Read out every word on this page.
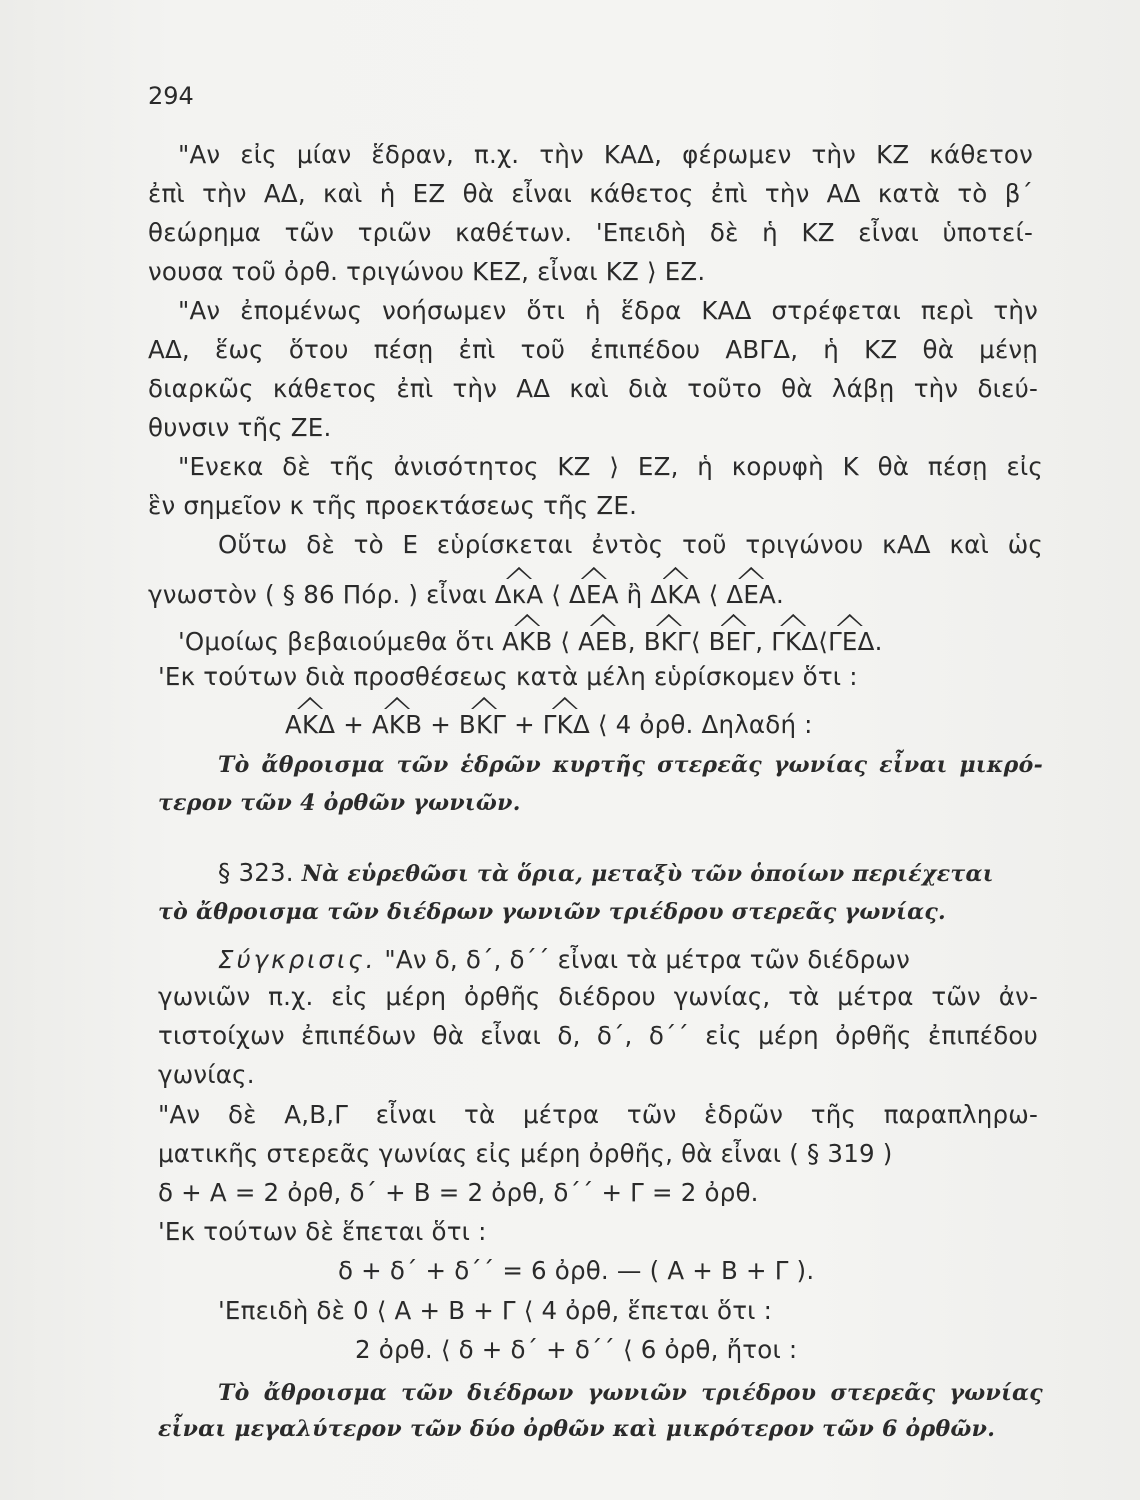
294
"Αν εἰς μίαν ἕδραν, π.χ. τὴν ΚΑΔ, φέρωμεν τὴν ΚΖ κάθετον
ἐπὶ τὴν ΑΔ, καὶ ἡ ΕΖ θὰ εἶναι κάθετος ἐπὶ τὴν ΑΔ κατὰ τὸ β΄
θεώρημα τῶν τριῶν καθέτων. 'Επειδὴ δὲ ἡ ΚΖ εἶναι ὑποτεί-
νουσα τοῦ ὀρθ. τριγώνου ΚΕΖ, εἶναι ΚΖ ⟩ ΕΖ.
"Αν ἐπομένως νοήσωμεν ὅτι ἡ ἕδρα ΚΑΔ στρέφεται περὶ τὴν
ΑΔ, ἕως ὅτου πέσῃ ἐπὶ τοῦ ἐπιπέδου ΑΒΓΔ, ἡ ΚΖ θὰ μένῃ
διαρκῶς κάθετος ἐπὶ τὴν ΑΔ καὶ διὰ τοῦτο θὰ λάβῃ τὴν διεύ-
θυνσιν τῆς ΖΕ.
"Ενεκα δὲ τῆς ἀνισότητος ΚΖ ⟩ ΕΖ, ἡ κορυφὴ Κ θὰ πέσῃ εἰς
ἓν σημεῖον κ τῆς προεκτάσεως τῆς ΖΕ.
Οὕτω δὲ τὸ Ε εὑρίσκεται ἐντὸς τοῦ τριγώνου κΑΔ καὶ ὡς
γνωστὸν ( § 86 Πόρ. ) εἶναι ΔκΑ ⟨ ΔΕΑ ἢ ΔΚΑ ⟨ ΔΕΑ.
'Ομοίως βεβαιούμεθα ὅτι ΑΚΒ ⟨ ΑΕΒ, ΒΚΓ⟨ ΒΕΓ, ΓΚΔ⟨ΓΕΔ.
'Εκ τούτων διὰ προσθέσεως κατὰ μέλη εὑρίσκομεν ὅτι :
ΑΚΔ + ΑΚΒ + ΒΚΓ + ΓΚΔ ⟨ 4 ὀρθ. Δηλαδή :
Τὸ ἄθροισμα τῶν ἑδρῶν κυρτῆς στερεᾶς γωνίας εἶναι μικρό-
τερον τῶν 4 ὀρθῶν γωνιῶν.
§ 323. Νὰ εὑρεθῶσι τὰ ὅρια, μεταξὺ τῶν ὁποίων περιέχεται
τὸ ἄθροισμα τῶν διέδρων γωνιῶν τριέδρου στερεᾶς γωνίας.
Σύγκρισις. "Αν δ, δ΄, δ΄΄ εἶναι τὰ μέτρα τῶν διέδρων
γωνιῶν π.χ. εἰς μέρη ὀρθῆς διέδρου γωνίας, τὰ μέτρα τῶν ἀν-
τιστοίχων ἐπιπέδων θὰ εἶναι δ, δ΄, δ΄΄ εἰς μέρη ὀρθῆς ἐπιπέδου
γωνίας.
"Αν δὲ Α,Β,Γ εἶναι τὰ μέτρα τῶν ἑδρῶν τῆς παραπληρω-
ματικῆς στερεᾶς γωνίας εἰς μέρη ὀρθῆς, θὰ εἶναι ( § 319 )
δ + Α = 2 ὀρθ, δ΄ + Β = 2 ὀρθ, δ΄΄ + Γ = 2 ὀρθ.
'Εκ τούτων δὲ ἕπεται ὅτι :
δ + δ΄ + δ΄΄ = 6 ὀρθ. — ( Α + Β + Γ ).
'Επειδὴ δὲ 0 ⟨ Α + Β + Γ ⟨ 4 ὀρθ, ἕπεται ὅτι :
2 ὀρθ. ⟨ δ + δ΄ + δ΄΄ ⟨ 6 ὀρθ, ἤτοι :
Τὸ ἄθροισμα τῶν διέδρων γωνιῶν τριέδρου στερεᾶς γωνίας
εἶναι μεγαλύτερον τῶν δύο ὀρθῶν καὶ μικρότερον τῶν 6 ὀρθῶν.
